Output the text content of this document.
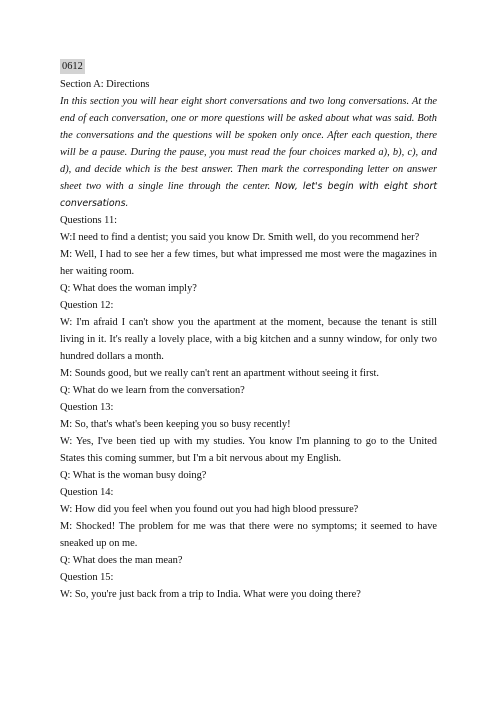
0612
Section A: Directions

In this section you will hear eight short conversations and two long conversations. At the end of each conversation, one or more questions will be asked about what was said. Both the conversations and the questions will be spoken only once. After each question, there will be a pause. During the pause, you must read the four choices marked a), b), c), and d), and decide which is the best answer. Then mark the corresponding letter on answer sheet two with a single line through the center. Now, let's begin with eight short conversations.

Questions 11:

W:I need to find a dentist; you said you know Dr. Smith well, do you recommend her?

M: Well, I had to see her a few times, but what impressed me most were the magazines in her waiting room.

Q: What does the woman imply?

Question 12:

W: I'm afraid I can't show you the apartment at the moment, because the tenant is still living in it. It's really a lovely place, with a big kitchen and a sunny window, for only two hundred dollars a month.

M: Sounds good, but we really can't rent an apartment without seeing it first.

Q: What do we learn from the conversation?

Question 13:

M: So, that's what's been keeping you so busy recently!

W: Yes, I've been tied up with my studies. You know I'm planning to go to the United States this coming summer, but I'm a bit nervous about my English.

Q: What is the woman busy doing?

Question 14:

W: How did you feel when you found out you had high blood pressure?

M: Shocked! The problem for me was that there were no symptoms; it seemed to have sneaked up on me.

Q: What does the man mean?

Question 15:

W: So, you're just back from a trip to India. What were you doing there?
